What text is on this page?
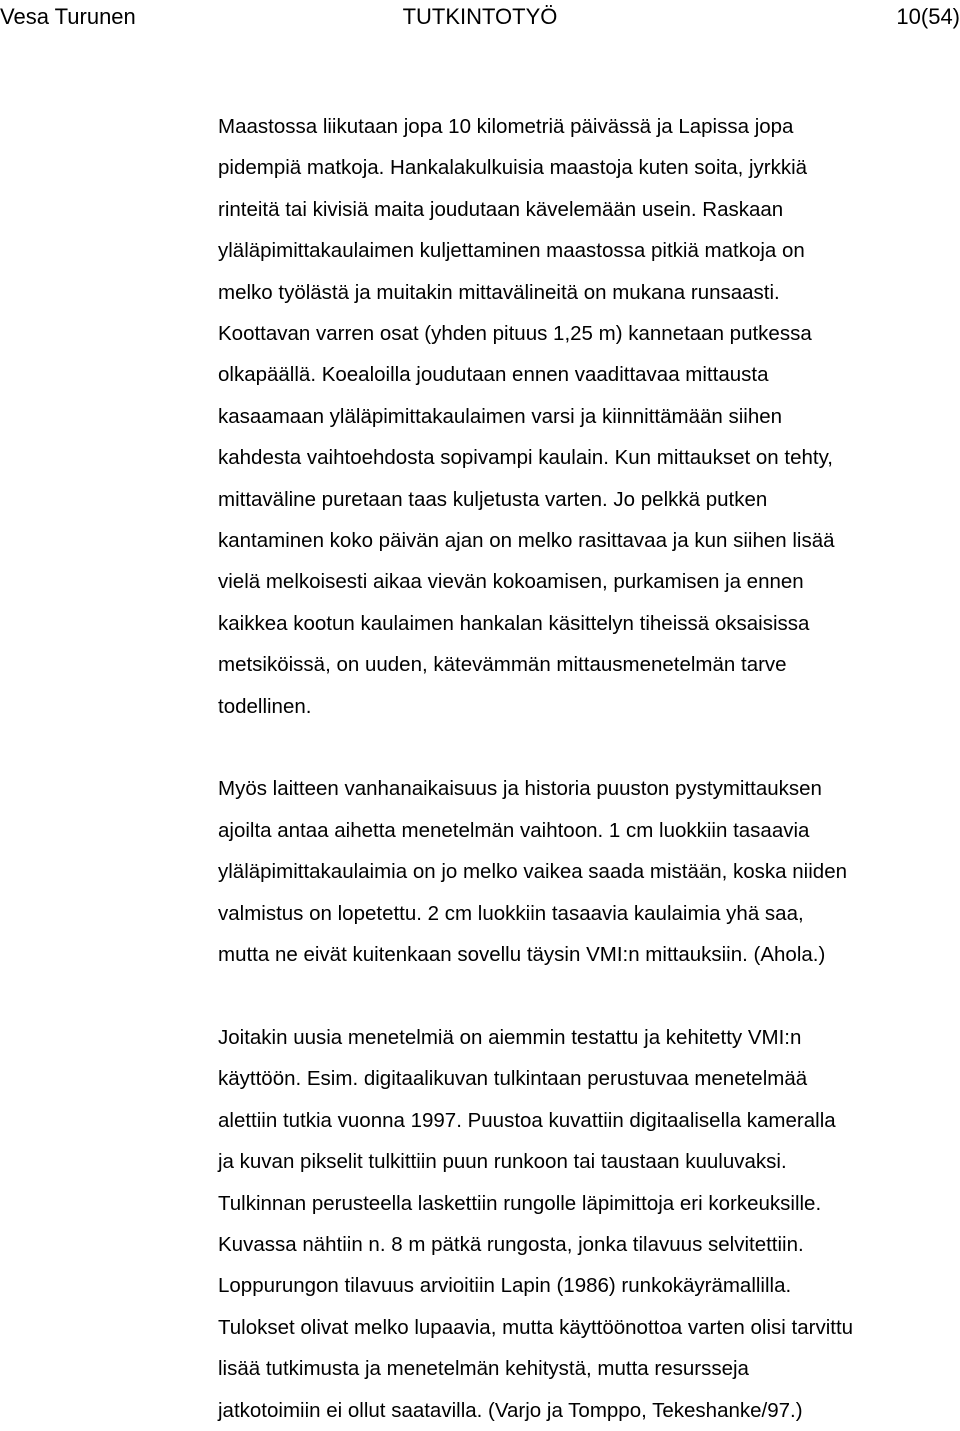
TUTKINTOTYÖ
Vesa Turunen	10(54)

Maastossa liikutaan jopa 10 kilometriä päivässä ja Lapissa jopa
pidempiä matkoja. Hankalakulkuisia maastoja kuten soita, jyrkkiä
rinteitä tai kivisiä maita joudutaan kävelemään usein. Raskaan
yläläpimittakaulaimen kuljettaminen maastossa pitkiä matkoja on
melko työlästä ja muitakin mittavälineitä on mukana runsaasti.
Koottavan varren osat (yhden pituus 1,25 m) kannetaan putkessa
olkapäällä. Koealoilla joudutaan ennen vaadittavaa mittausta
kasaamaan yläläpimittakaulaimen varsi ja kiinnittämään siihen
kahdesta vaihtoehdosta sopivampi kaulain. Kun mittaukset on tehty,
mittaväline puretaan taas kuljetusta varten. Jo pelkkä putken
kantaminen koko päivän ajan on melko rasittavaa ja kun siihen lisää
vielä melkoisesti aikaa vievän kokoamisen, purkamisen ja ennen
kaikkea kootun kaulaimen hankalan käsittelyn tiheissä oksaisissa
metsiköissä, on uuden, kätevämmän mittausmenetelmän tarve
todellinen.

Myös laitteen vanhanaikaisuus ja historia puuston pystymittauksen
ajoilta antaa aihetta menetelmän vaihtoon. 1 cm luokkiin tasaavia
yläläpimittakaulaimia on jo melko vaikea saada mistään, koska niiden
valmistus on lopetettu. 2 cm luokkiin tasaavia kaulaimia yhä saa,
mutta ne eivät kuitenkaan sovellu täysin VMI:n mittauksiin. (Ahola.)

Joitakin uusia menetelmiä on aiemmin testattu ja kehitetty VMI:n
käyttöön. Esim. digitaalikuvan tulkintaan perustuvaa menetelmää
alettiin tutkia vuonna 1997. Puustoa kuvattiin digitaalisella kameralla
ja kuvan pikselit tulkittiin puun runkoon tai taustaan kuuluvaksi.
Tulkinnan perusteella laskettiin rungolle läpimittoja eri korkeuksille.
Kuvassa nähtiin n. 8 m pätkä rungosta, jonka tilavuus selvitettiin.
Loppurungon tilavuus arvioitiin Lapin (1986) runkokäyrämallilla.
Tulokset olivat melko lupaavia, mutta käyttöönottoa varten olisi tarvittu
lisää tutkimusta ja menetelmän kehitystä, mutta resursseja
jatkotoimiin ei ollut saatavilla. (Varjo ja Tomppo, Tekeshanke/97.)
